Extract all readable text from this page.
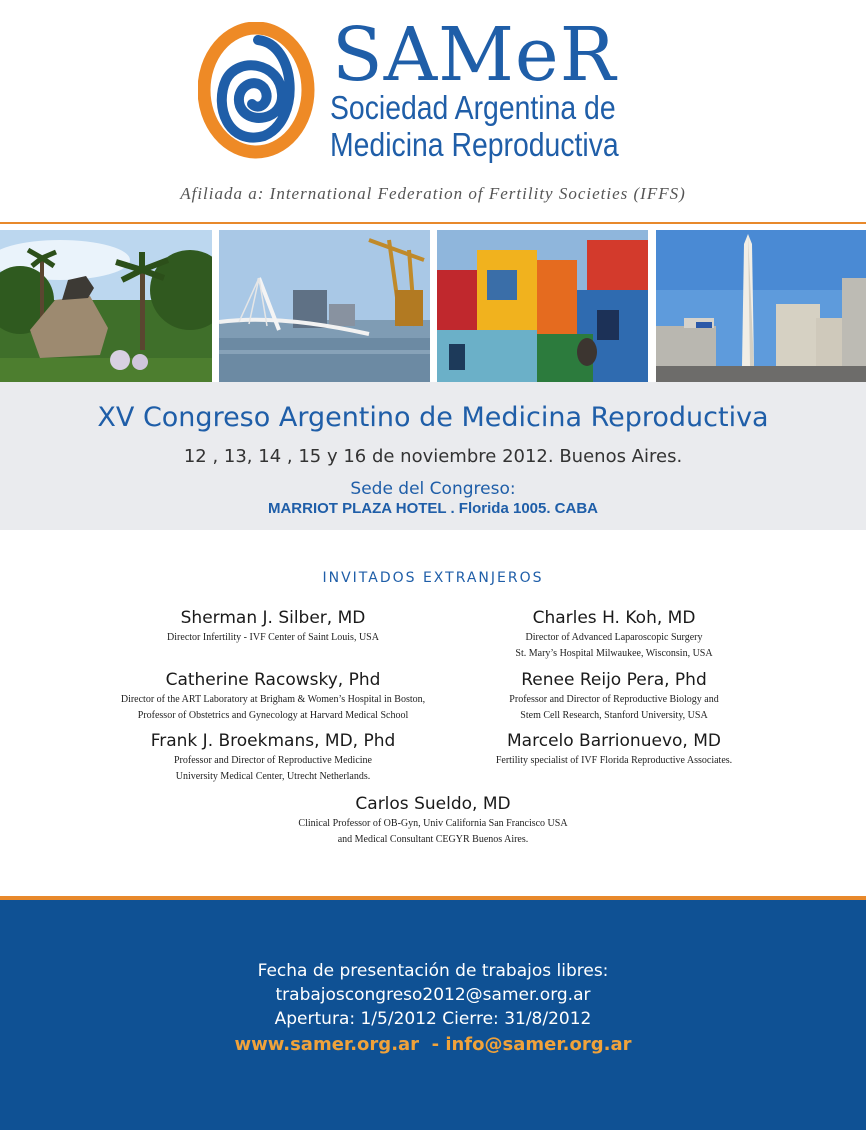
SAMeR
Sociedad Argentina de
Medicina Reproductiva
Afiliada a: International Federation of Fertility Societies (IFFS)
XV Congreso Argentino de Medicina Reproductiva
12 , 13, 14 , 15 y 16 de noviembre 2012. Buenos Aires.
Sede del Congreso:
MARRIOT PLAZA HOTEL . Florida 1005. CABA
INVITADOS EXTRANJEROS
Sherman J. Silber, MD
Director Infertility - IVF Center of Saint Louis, USA
Catherine Racowsky, Phd
Director of the ART Laboratory at Brigham & Women’s Hospital in Boston,
Professor of Obstetrics and Gynecology at Harvard Medical School
Frank J. Broekmans, MD, Phd
Professor and Director of Reproductive Medicine
University Medical Center, Utrecht Netherlands.
Charles H. Koh, MD
Director of Advanced Laparoscopic Surgery
St. Mary’s Hospital Milwaukee, Wisconsin, USA
Renee Reijo Pera, Phd
Professor and Director of Reproductive Biology and
Stem Cell Research, Stanford University, USA
Marcelo Barrionuevo, MD
Fertility specialist of IVF Florida Reproductive Associates.
Carlos Sueldo, MD
Clinical Professor of OB-Gyn, Univ California San Francisco USA
and Medical Consultant CEGYR Buenos Aires.
Fecha de presentación de trabajos libres:
trabajoscongreso2012@samer.org.ar
Apertura: 1/5/2012 Cierre: 31/8/2012
www.samer.org.ar  - info@samer.org.ar
